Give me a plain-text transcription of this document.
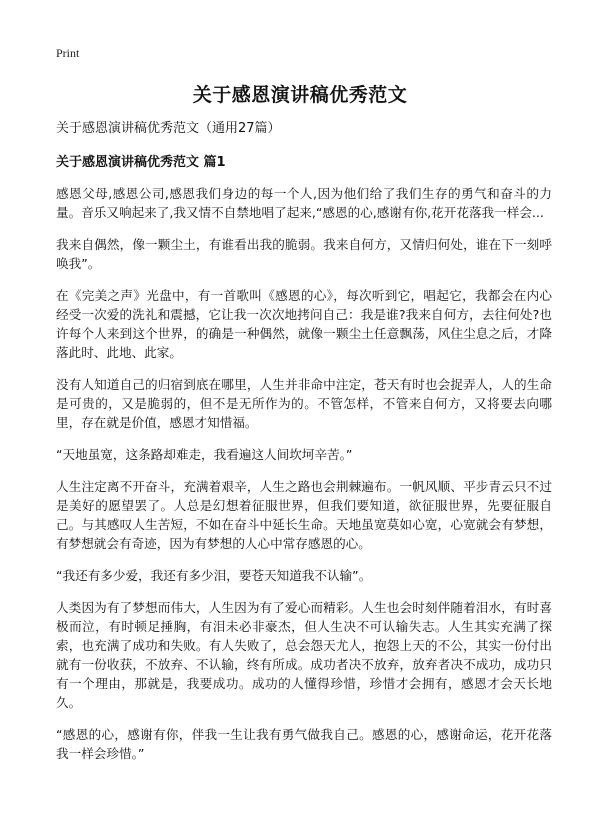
Print
关于感恩演讲稿优秀范文

关于感恩演讲稿优秀范文（通用27篇）

关于感恩演讲稿优秀范文 篇1

感恩父母,感恩公司,感恩我们身边的每一个人,因为他们给了我们生存的勇气和奋斗的力量。音乐又响起来了,我又情不自禁地唱了起来,“感恩的心,感谢有你,花开花落我一样会...

我来自偶然，像一颗尘土，有谁看出我的脆弱。我来自何方，又情归何处，谁在下一刻呼唤我”。

在《完美之声》光盘中，有一首歌叫《感恩的心》，每次听到它，唱起它，我都会在内心经受一次爱的洗礼和震撼，它让我一次次地拷问自己：我是谁?我来自何方，去往何处?也许每个人来到这个世界，的确是一种偶然，就像一颗尘土任意飘荡，风住尘息之后，才降落此时、此地、此家。

没有人知道自己的归宿到底在哪里，人生并非命中注定，苍天有时也会捉弄人，人的生命是可贵的，又是脆弱的，但不是无所作为的。不管怎样，不管来自何方，又将要去向哪里，存在就是价值，感恩才知惜福。

“天地虽宽，这条路却难走，我看遍这人间坎坷辛苦。”

人生注定离不开奋斗，充满着艰辛，人生之路也会荆棘遍布。一帆风顺、平步青云只不过是美好的愿望罢了。人总是幻想着征服世界，但我们要知道，欲征服世界，先要征服自己。与其感叹人生苦短，不如在奋斗中延长生命。天地虽宽莫如心宽，心宽就会有梦想，有梦想就会有奇迹，因为有梦想的人心中常存感恩的心。

“我还有多少爱，我还有多少泪，要苍天知道我不认输”。

人类因为有了梦想而伟大，人生因为有了爱心而精彩。人生也会时刻伴随着泪水，有时喜极而泣，有时顿足捶胸，有泪未必非豪杰，但人生决不可认输失志。人生其实充满了探索，也充满了成功和失败。有人失败了，总会怨天尤人，抱怨上天的不公，其实一份付出就有一份收获，不放弃、不认输，终有所成。成功者决不放弃，放弃者决不成功，成功只有一个理由，那就是，我要成功。成功的人懂得珍惜，珍惜才会拥有，感恩才会天长地久。

“感恩的心，感谢有你，伴我一生让我有勇气做我自己。感恩的心，感谢命运，花开花落我一样会珍惜。”
